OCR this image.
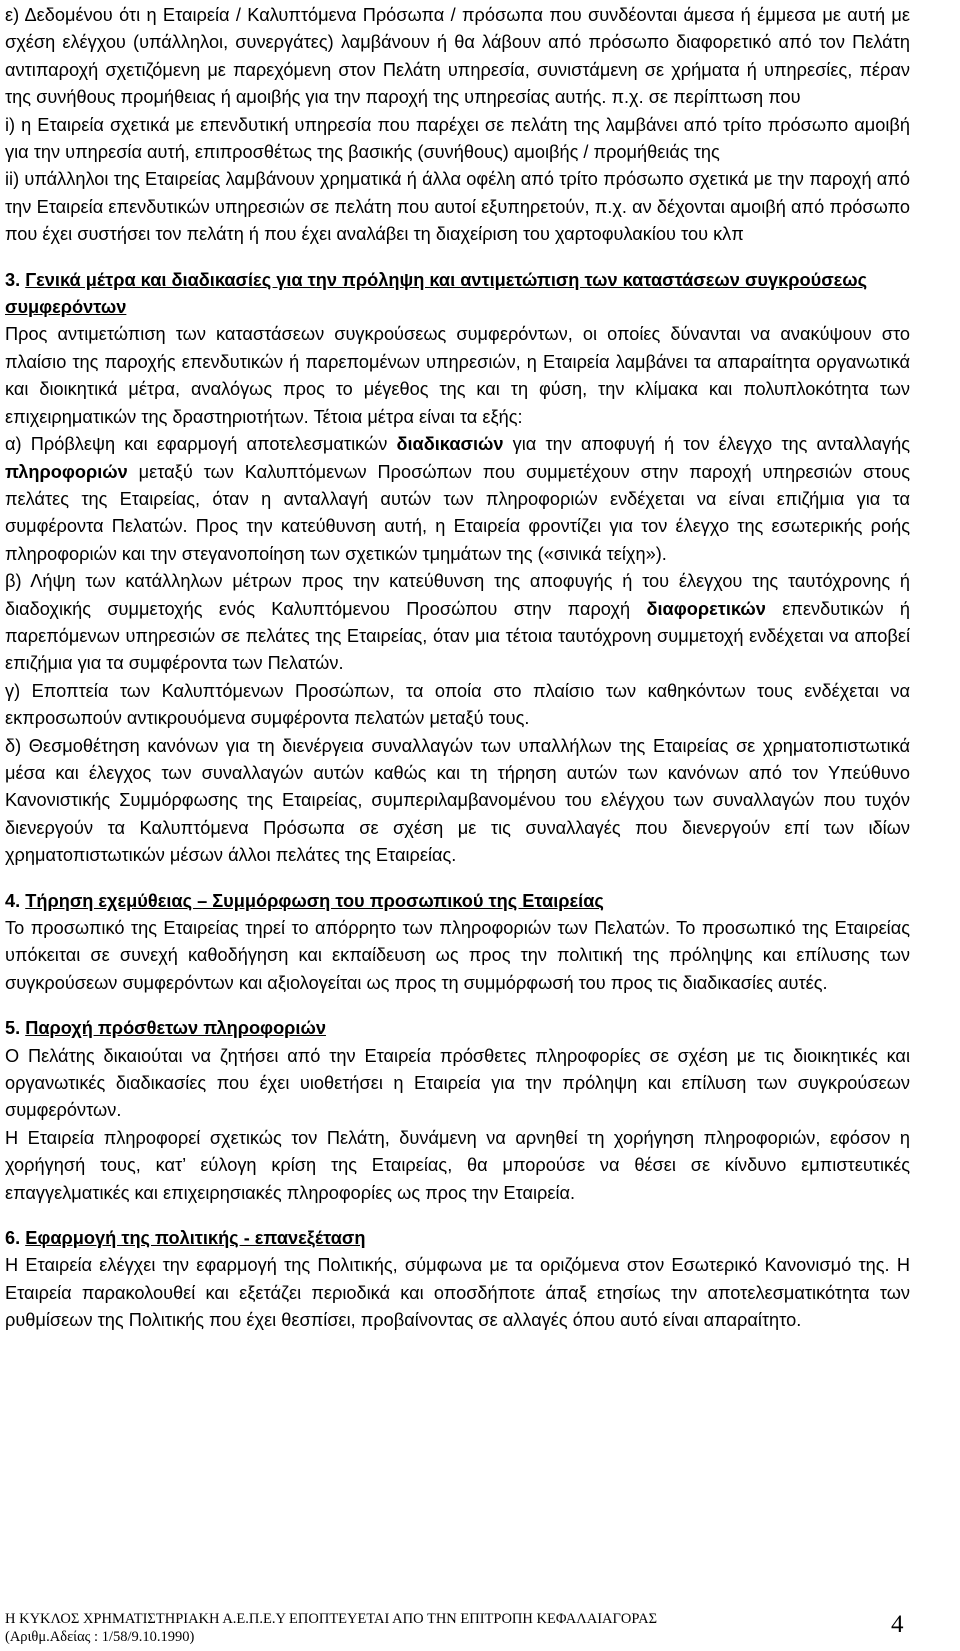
ε) Δεδομένου ότι η Εταιρεία / Καλυπτόμενα Πρόσωπα / πρόσωπα που συνδέονται άμεσα ή έμμεσα με αυτή με σχέση ελέγχου (υπάλληλοι, συνεργάτες) λαμβάνουν ή θα λάβουν από πρόσωπο διαφορετικό από τον Πελάτη αντιπαροχή σχετιζόμενη με παρεχόμενη στον Πελάτη υπηρεσία, συνιστάμενη σε χρήματα ή υπηρεσίες, πέραν της συνήθους προμήθειας ή αμοιβής για την παροχή της υπηρεσίας αυτής. π.χ. σε περίπτωση που

i) η Εταιρεία σχετικά με επενδυτική υπηρεσία που παρέχει σε πελάτη της λαμβάνει από τρίτο πρόσωπο αμοιβή για την υπηρεσία αυτή, επιπροσθέτως της βασικής (συνήθους) αμοιβής / προμήθειάς της

ii) υπάλληλοι της Εταιρείας λαμβάνουν χρηματικά ή άλλα οφέλη από τρίτο πρόσωπο σχετικά με την παροχή από την Εταιρεία επενδυτικών υπηρεσιών σε πελάτη που αυτοί εξυπηρετούν, π.χ. αν δέχονται αμοιβή από πρόσωπο που έχει συστήσει τον πελάτη ή που έχει αναλάβει τη διαχείριση του χαρτοφυλακίου του κλπ

3. Γενικά μέτρα και διαδικασίες για την πρόληψη και αντιμετώπιση των καταστάσεων συγκρούσεως συμφερόντων

Προς αντιμετώπιση των καταστάσεων συγκρούσεως συμφερόντων, οι οποίες δύνανται να ανακύψουν στο πλαίσιο της παροχής επενδυτικών ή παρεπομένων υπηρεσιών, η Εταιρεία λαμβάνει τα απαραίτητα οργανωτικά και διοικητικά μέτρα, αναλόγως προς το μέγεθος της και τη φύση, την κλίμακα και πολυπλοκότητα των επιχειρηματικών της δραστηριοτήτων. Τέτοια μέτρα είναι τα εξής:

α) Πρόβλεψη και εφαρμογή αποτελεσματικών διαδικασιών για την αποφυγή ή τον έλεγχο της ανταλλαγής πληροφοριών μεταξύ των Καλυπτόμενων Προσώπων που συμμετέχουν στην παροχή υπηρεσιών στους πελάτες της Εταιρείας, όταν η ανταλλαγή αυτών των πληροφοριών ενδέχεται να είναι επιζήμια για τα συμφέροντα Πελατών. Προς την κατεύθυνση αυτή, η Εταιρεία φροντίζει για τον έλεγχο της εσωτερικής ροής πληροφοριών και την στεγανοποίηση των σχετικών τμημάτων της («σινικά τείχη»).

β) Λήψη των κατάλληλων μέτρων προς την κατεύθυνση της αποφυγής ή του έλεγχου της ταυτόχρονης ή διαδοχικής συμμετοχής ενός Καλυπτόμενου Προσώπου στην παροχή διαφορετικών επενδυτικών ή παρεπόμενων υπηρεσιών σε πελάτες της Εταιρείας, όταν μια τέτοια ταυτόχρονη συμμετοχή ενδέχεται να αποβεί επιζήμια για τα συμφέροντα των Πελατών.

γ) Εποπτεία των Καλυπτόμενων Προσώπων, τα οποία στο πλαίσιο των καθηκόντων τους ενδέχεται να εκπροσωπούν αντικρουόμενα συμφέροντα πελατών μεταξύ τους.

δ) Θεσμοθέτηση κανόνων για τη διενέργεια συναλλαγών των υπαλλήλων της Εταιρείας σε χρηματοπιστωτικά μέσα και έλεγχος των συναλλαγών αυτών καθώς και τη τήρηση αυτών των κανόνων από τον Υπεύθυνο Κανονιστικής Συμμόρφωσης της Εταιρείας, συμπεριλαμβανομένου του ελέγχου των συναλλαγών που τυχόν διενεργούν τα Καλυπτόμενα Πρόσωπα σε σχέση με τις συναλλαγές που διενεργούν επί των ιδίων χρηματοπιστωτικών μέσων άλλοι πελάτες της Εταιρείας.

4. Τήρηση εχεμύθειας – Συμμόρφωση του προσωπικού της Εταιρείας

Το προσωπικό της Εταιρείας τηρεί το απόρρητο των πληροφοριών των Πελατών. Το προσωπικό της Εταιρείας υπόκειται σε συνεχή καθοδήγηση και εκπαίδευση ως προς την πολιτική της πρόληψης και επίλυσης των συγκρούσεων συμφερόντων και αξιολογείται ως προς τη συμμόρφωσή του προς τις διαδικασίες αυτές.

5. Παροχή πρόσθετων πληροφοριών

Ο Πελάτης δικαιούται να ζητήσει από την Εταιρεία πρόσθετες πληροφορίες σε σχέση με τις διοικητικές και οργανωτικές διαδικασίες που έχει υιοθετήσει η Εταιρεία για την πρόληψη και επίλυση των συγκρούσεων συμφερόντων.

Η Εταιρεία πληροφορεί σχετικώς τον Πελάτη, δυνάμενη να αρνηθεί τη χορήγηση πληροφοριών, εφόσον η χορήγησή τους, κατ’ εύλογη κρίση της Εταιρείας, θα μπορούσε να θέσει σε κίνδυνο εμπιστευτικές επαγγελματικές και επιχειρησιακές πληροφορίες ως προς την Εταιρεία.

6. Εφαρμογή της πολιτικής - επανεξέταση

Η Εταιρεία ελέγχει την εφαρμογή της Πολιτικής, σύμφωνα με τα οριζόμενα στον Εσωτερικό Κανονισμό της. Η Εταιρεία παρακολουθεί και εξετάζει περιοδικά και οποσδήποτε άπαξ ετησίως την αποτελεσματικότητα των ρυθμίσεων της Πολιτικής που έχει θεσπίσει, προβαίνοντας σε αλλαγές όπου αυτό είναι απαραίτητο.

Η ΚΥΚΛΟΣ ΧΡΗΜΑΤΙΣΤΗΡΙΑΚΗ Α.Ε.Π.Ε.Υ ΕΠΟΠΤΕΥΕΤΑΙ ΑΠΟ ΤΗΝ ΕΠΙΤΡΟΠΗ ΚΕΦΑΛΑΙΑΓΟΡΑΣ
(Αριθμ.Αδείας : 1/58/9.10.1990)	4
